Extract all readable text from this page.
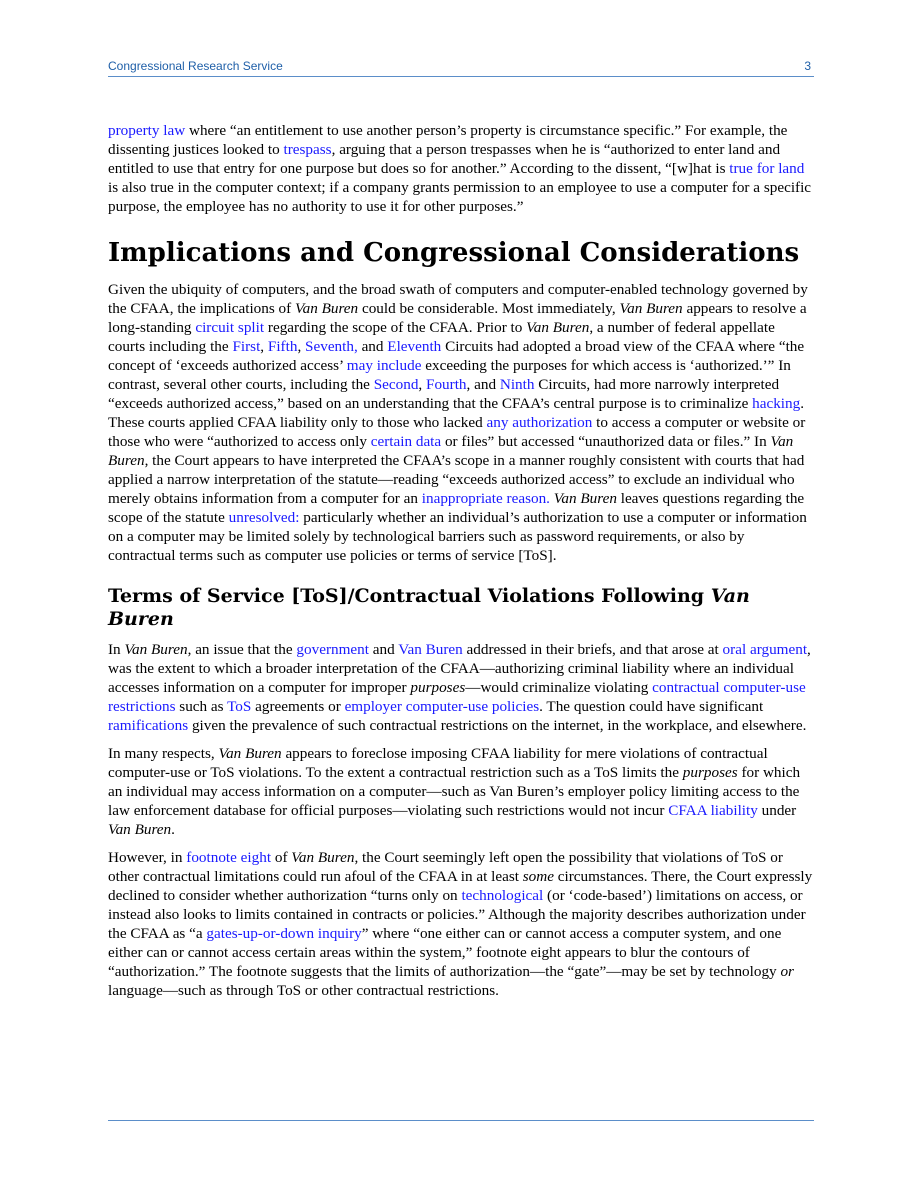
Congressional Research Service	3

property law where “an entitlement to use another person’s property is circumstance specific.” For example, the dissenting justices looked to trespass, arguing that a person trespasses when he is “authorized to enter land and entitled to use that entry for one purpose but does so for another.” According to the dissent, “[w]hat is true for land is also true in the computer context; if a company grants permission to an employee to use a computer for a specific purpose, the employee has no authority to use it for other purposes.”

Implications and Congressional Considerations

Given the ubiquity of computers, and the broad swath of computers and computer-enabled technology governed by the CFAA, the implications of Van Buren could be considerable. Most immediately, Van Buren appears to resolve a long-standing circuit split regarding the scope of the CFAA. Prior to Van Buren, a number of federal appellate courts including the First, Fifth, Seventh, and Eleventh Circuits had adopted a broad view of the CFAA where “the concept of ‘exceeds authorized access’ may include exceeding the purposes for which access is ‘authorized.’” In contrast, several other courts, including the Second, Fourth, and Ninth Circuits, had more narrowly interpreted “exceeds authorized access,” based on an understanding that the CFAA’s central purpose is to criminalize hacking. These courts applied CFAA liability only to those who lacked any authorization to access a computer or website or those who were “authorized to access only certain data or files” but accessed “unauthorized data or files.” In Van Buren, the Court appears to have interpreted the CFAA’s scope in a manner roughly consistent with courts that had applied a narrow interpretation of the statute—reading “exceeds authorized access” to exclude an individual who merely obtains information from a computer for an inappropriate reason. Van Buren leaves questions regarding the scope of the statute unresolved: particularly whether an individual’s authorization to use a computer or information on a computer may be limited solely by technological barriers such as password requirements, or also by contractual terms such as computer use policies or terms of service [ToS].

Terms of Service [ToS]/Contractual Violations Following Van Buren

In Van Buren, an issue that the government and Van Buren addressed in their briefs, and that arose at oral argument, was the extent to which a broader interpretation of the CFAA—authorizing criminal liability where an individual accesses information on a computer for improper purposes—would criminalize violating contractual computer-use restrictions such as ToS agreements or employer computer-use policies. The question could have significant ramifications given the prevalence of such contractual restrictions on the internet, in the workplace, and elsewhere.

In many respects, Van Buren appears to foreclose imposing CFAA liability for mere violations of contractual computer-use or ToS violations. To the extent a contractual restriction such as a ToS limits the purposes for which an individual may access information on a computer—such as Van Buren’s employer policy limiting access to the law enforcement database for official purposes—violating such restrictions would not incur CFAA liability under Van Buren.

However, in footnote eight of Van Buren, the Court seemingly left open the possibility that violations of ToS or other contractual limitations could run afoul of the CFAA in at least some circumstances. There, the Court expressly declined to consider whether authorization “turns only on technological (or ‘code-based’) limitations on access, or instead also looks to limits contained in contracts or policies.” Although the majority describes authorization under the CFAA as “a gates-up-or-down inquiry” where “one either can or cannot access a computer system, and one either can or cannot access certain areas within the system,” footnote eight appears to blur the contours of “authorization.” The footnote suggests that the limits of authorization—the “gate”—may be set by technology or language—such as through ToS or other contractual restrictions.
